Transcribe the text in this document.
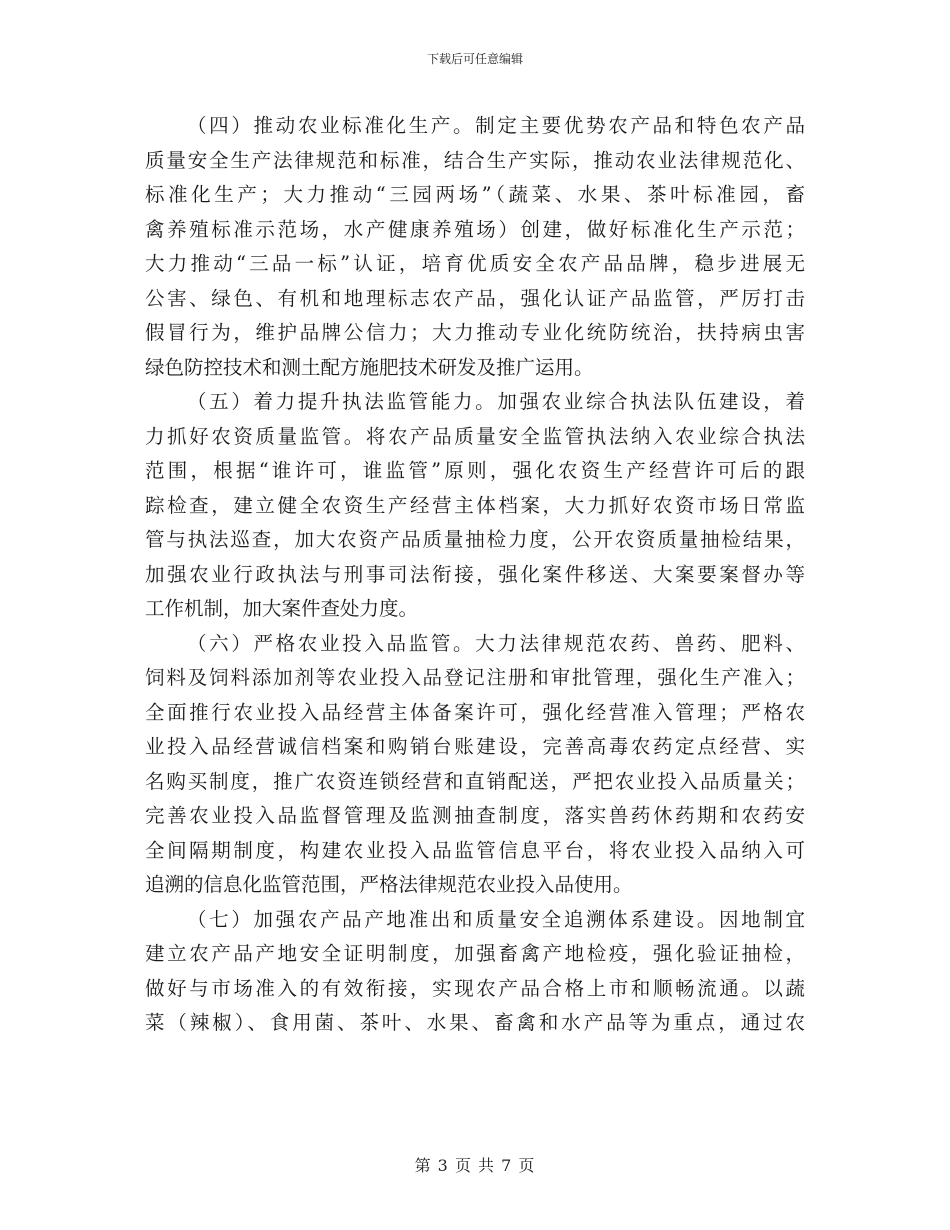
下载后可任意编辑
（四）推动农业标准化生产。制定主要优势农产品和特色农产品
质量安全生产法律规范和标准，结合生产实际，推动农业法律规范化、
标准化生产；大力推动“三园两场”（蔬菜、水果、茶叶标准园，畜
禽养殖标准示范场，水产健康养殖场）创建，做好标准化生产示范；
大力推动“三品一标”认证，培育优质安全农产品品牌，稳步进展无
公害、绿色、有机和地理标志农产品，强化认证产品监管，严厉打击
假冒行为，维护品牌公信力；大力推动专业化统防统治，扶持病虫害
绿色防控技术和测土配方施肥技术研发及推广运用。
（五）着力提升执法监管能力。加强农业综合执法队伍建设，着
力抓好农资质量监管。将农产品质量安全监管执法纳入农业综合执法
范围，根据“谁许可，谁监管”原则，强化农资生产经营许可后的跟
踪检查，建立健全农资生产经营主体档案，大力抓好农资市场日常监
管与执法巡查，加大农资产品质量抽检力度，公开农资质量抽检结果，
加强农业行政执法与刑事司法衔接，强化案件移送、大案要案督办等
工作机制，加大案件查处力度。
（六）严格农业投入品监管。大力法律规范农药、兽药、肥料、
饲料及饲料添加剂等农业投入品登记注册和审批管理，强化生产准入；
全面推行农业投入品经营主体备案许可，强化经营准入管理；严格农
业投入品经营诚信档案和购销台账建设，完善高毒农药定点经营、实
名购买制度，推广农资连锁经营和直销配送，严把农业投入品质量关；
完善农业投入品监督管理及监测抽查制度，落实兽药休药期和农药安
全间隔期制度，构建农业投入品监管信息平台，将农业投入品纳入可
追溯的信息化监管范围，严格法律规范农业投入品使用。
（七）加强农产品产地准出和质量安全追溯体系建设。因地制宜
建立农产品产地安全证明制度，加强畜禽产地检疫，强化验证抽检，
做好与市场准入的有效衔接，实现农产品合格上市和顺畅流通。以蔬
菜（辣椒）、食用菌、茶叶、水果、畜禽和水产品等为重点，通过农
第 3 页 共 7 页
